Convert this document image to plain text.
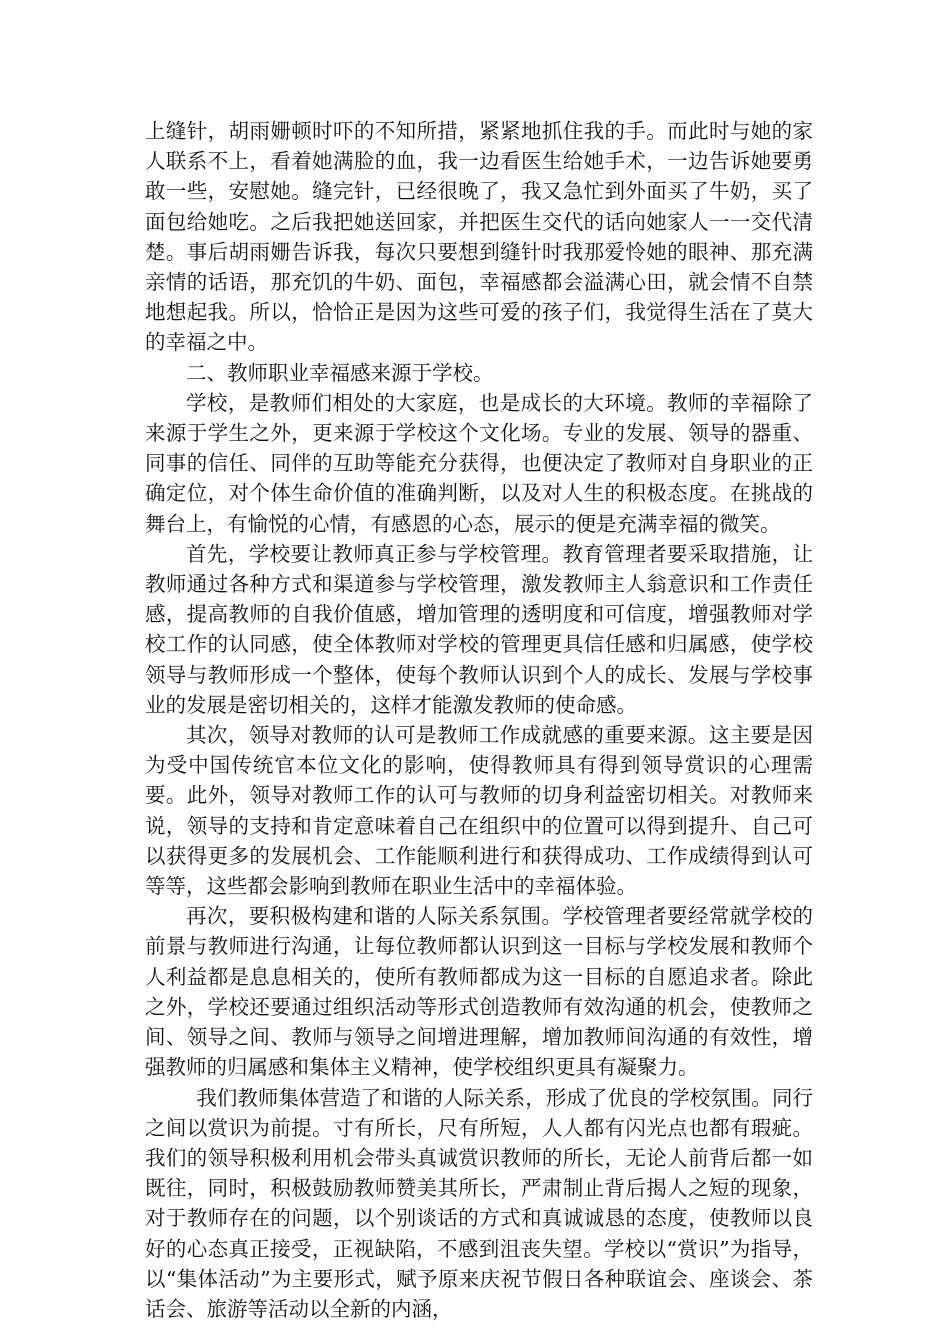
上缝针，胡雨姗顿时吓的不知所措，紧紧地抓住我的手。而此时与她的家人联系不上，看着她满脸的血，我一边看医生给她手术，一边告诉她要勇敢一些，安慰她。缝完针，已经很晚了，我又急忙到外面买了牛奶，买了面包给她吃。之后我把她送回家，并把医生交代的话向她家人一一交代清楚。事后胡雨姗告诉我，每次只要想到缝针时我那爱怜她的眼神、那充满亲情的话语，那充饥的牛奶、面包，幸福感都会溢满心田，就会情不自禁地想起我。所以，恰恰正是因为这些可爱的孩子们，我觉得生活在了莫大的幸福之中。

二、教师职业幸福感来源于学校。

学校，是教师们相处的大家庭，也是成长的大环境。教师的幸福除了来源于学生之外，更来源于学校这个文化场。专业的发展、领导的器重、同事的信任、同伴的互助等能充分获得，也便决定了教师对自身职业的正确定位，对个体生命价值的准确判断，以及对人生的积极态度。在挑战的舞台上，有愉悦的心情，有感恩的心态，展示的便是充满幸福的微笑。

首先，学校要让教师真正参与学校管理。教育管理者要采取措施，让教师通过各种方式和渠道参与学校管理，激发教师主人翁意识和工作责任感，提高教师的自我价值感，增加管理的透明度和可信度，增强教师对学校工作的认同感，使全体教师对学校的管理更具信任感和归属感，使学校领导与教师形成一个整体，使每个教师认识到个人的成长、发展与学校事业的发展是密切相关的，这样才能激发教师的使命感。

其次，领导对教师的认可是教师工作成就感的重要来源。这主要是因为受中国传统官本位文化的影响，使得教师具有得到领导赏识的心理需要。此外，领导对教师工作的认可与教师的切身利益密切相关。对教师来说，领导的支持和肯定意味着自己在组织中的位置可以得到提升、自己可以获得更多的发展机会、工作能顺利进行和获得成功、工作成绩得到认可等等，这些都会影响到教师在职业生活中的幸福体验。

再次，要积极构建和谐的人际关系氛围。学校管理者要经常就学校的前景与教师进行沟通，让每位教师都认识到这一目标与学校发展和教师个人利益都是息息相关的，使所有教师都成为这一目标的自愿追求者。除此之外，学校还要通过组织活动等形式创造教师有效沟通的机会，使教师之间、领导之间、教师与领导之间增进理解，增加教师间沟通的有效性，增强教师的归属感和集体主义精神，使学校组织更具有凝聚力。

我们教师集体营造了和谐的人际关系，形成了优良的学校氛围。同行之间以赏识为前提。寸有所长，尺有所短，人人都有闪光点也都有瑕疵。我们的领导积极利用机会带头真诚赏识教师的所长，无论人前背后都一如既往，同时，积极鼓励教师赞美其所长，严肃制止背后揭人之短的现象，对于教师存在的问题，以个别谈话的方式和真诚诚恳的态度，使教师以良好的心态真正接受，正视缺陷，不感到沮丧失望。学校以“赏识”为指导，以“集体活动”为主要形式，赋予原来庆祝节假日各种联谊会、座谈会、茶话会、旅游等活动以全新的内涵，
